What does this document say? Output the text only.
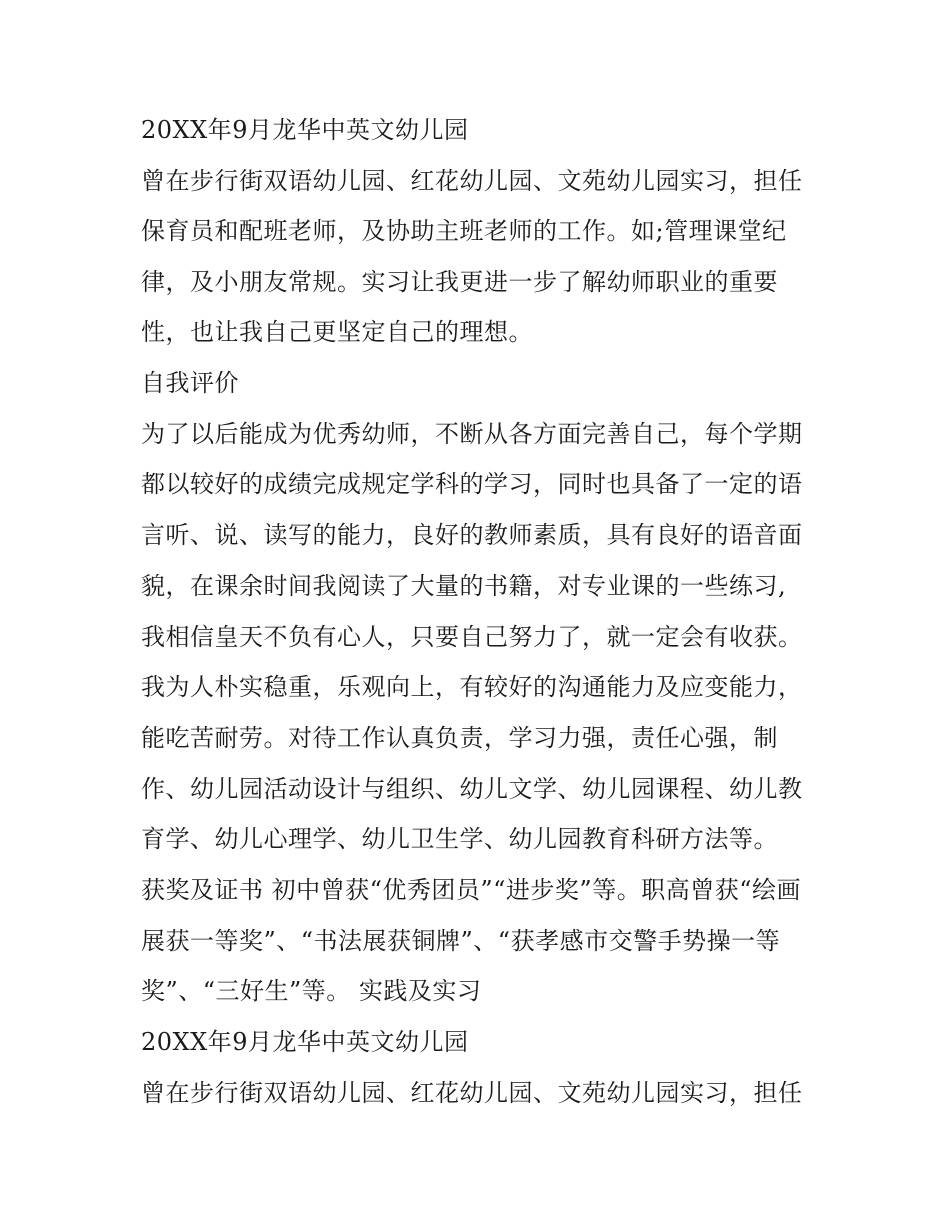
20XX年9月龙华中英文幼儿园
曾在步行街双语幼儿园、红花幼儿园、文苑幼儿园实习，担任
保育员和配班老师，及协助主班老师的工作。如;管理课堂纪
律，及小朋友常规。实习让我更进一步了解幼师职业的重要
性，也让我自己更坚定自己的理想。
自我评价
为了以后能成为优秀幼师，不断从各方面完善自己，每个学期
都以较好的成绩完成规定学科的学习，同时也具备了一定的语
言听、说、读写的能力，良好的教师素质，具有良好的语音面
貌，在课余时间我阅读了大量的书籍，对专业课的一些练习,
我相信皇天不负有心人，只要自己努力了，就一定会有收获。
我为人朴实稳重，乐观向上，有较好的沟通能力及应变能力，
能吃苦耐劳。对待工作认真负责，学习力强，责任心强，制
作、幼儿园活动设计与组织、幼儿文学、幼儿园课程、幼儿教
育学、幼儿心理学、幼儿卫生学、幼儿园教育科研方法等。
获奖及证书 初中曾获“优秀团员”“进步奖”等。职高曾获“绘画
展获一等奖”、“书法展获铜牌”、“获孝感市交警手势操一等
奖”、“三好生”等。 实践及实习
20XX年9月龙华中英文幼儿园
曾在步行街双语幼儿园、红花幼儿园、文苑幼儿园实习，担任
